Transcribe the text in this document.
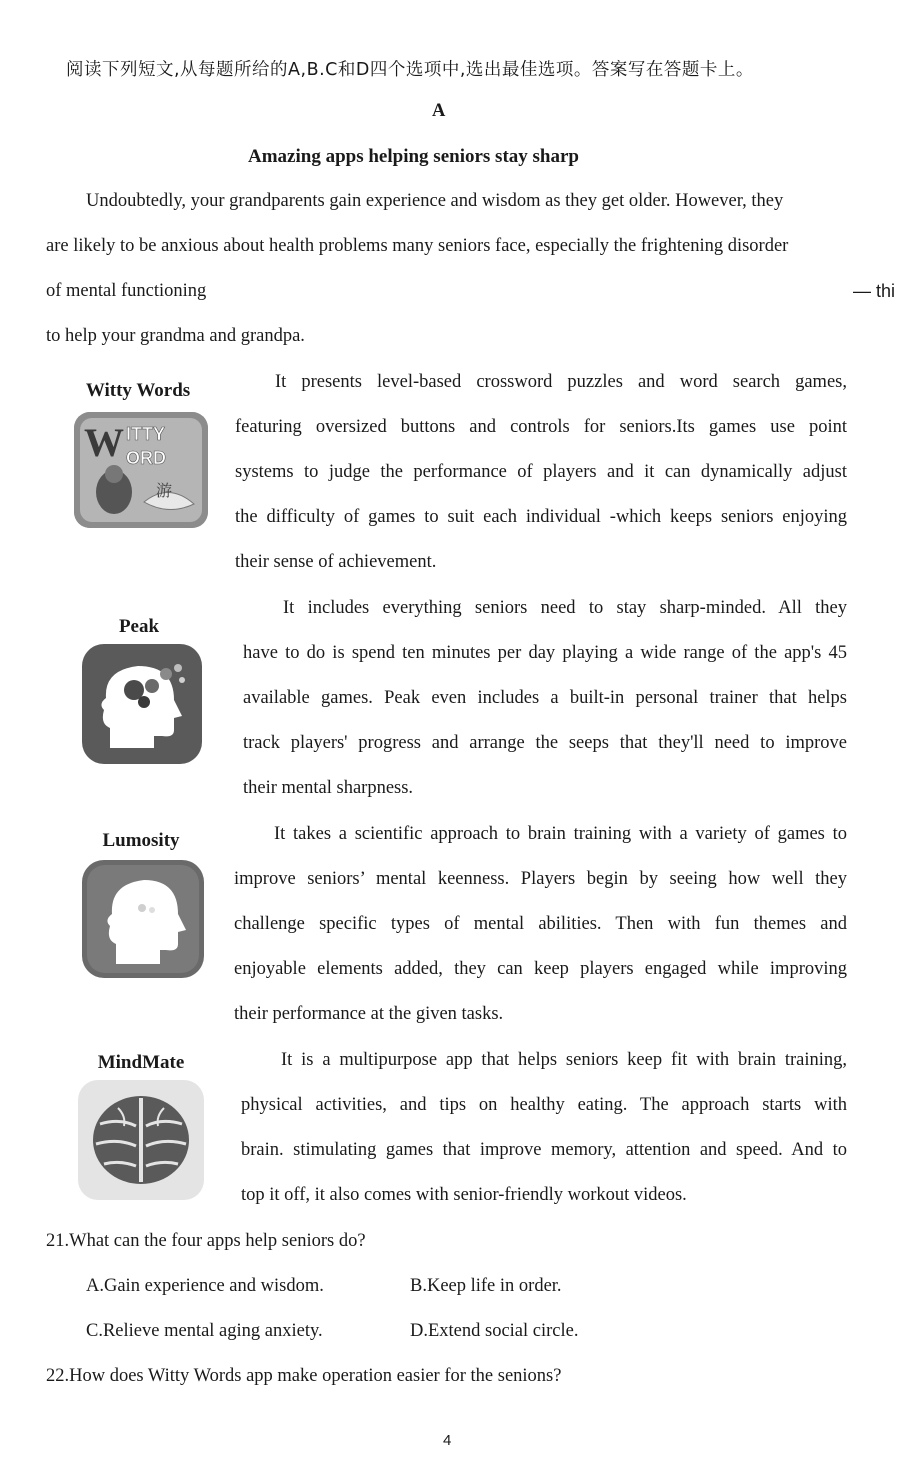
阅读下列短文,从每题所给的A,B.C和D四个选项中,选出最佳选项。答案写在答题卡上。
A
Amazing apps helping seniors stay sharp
Undoubtedly, your grandparents gain experience and wisdom as they get older. However, they
are likely to be anxious about health problems many seniors face, especially the frightening disorder
of mental functioning	— thi
to help your grandma and grandpa.
Witty Words
W ITTY
ORD
游
It presents level-based crossword puzzles and word search games,
featuring oversized buttons and controls for seniors.Its games use point
systems to judge the performance of players and it can dynamically adjust
the difficulty of games to suit each individual -which keeps seniors enjoying
their sense of achievement.
Peak
It includes everything seniors need to stay sharp-minded. All they
have to do is spend ten minutes per day playing a wide range of the app's 45
available games. Peak even includes a built-in personal trainer that helps
track players' progress and arrange the seeps that they'll need to improve
their mental sharpness.
Lumosity	It takes a scientific approach to brain training with a variety of games to
improve seniors’ mental keenness. Players begin by seeing how well they
challenge specific types of mental abilities. Then with fun themes and
enjoyable elements added, they can keep players engaged while improving
their performance at the given tasks.
MindMate	It is a multipurpose app that helps seniors keep fit with brain training,
physical activities, and tips on healthy eating. The approach starts with
brain. stimulating games that improve memory, attention and speed. And to
top it off, it also comes with senior-friendly workout videos.
21.What can the four apps help seniors do?
A.Gain experience and wisdom.	B.Keep life in order.
C.Relieve mental aging anxiety.	D.Extend social circle.
22.How does Witty Words app make operation easier for the senions?
4
